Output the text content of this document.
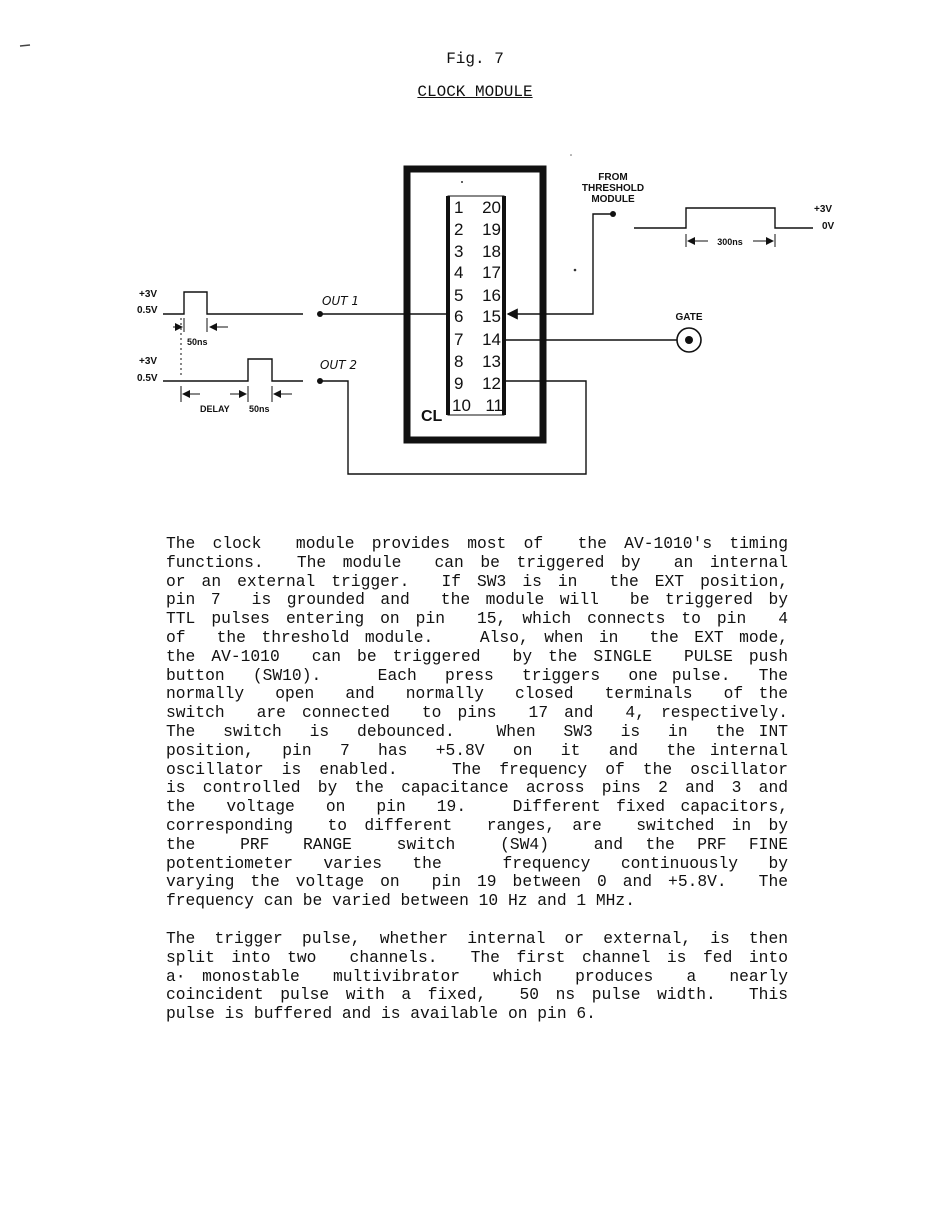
Fig. 7
CLOCK MODULE
1
2
3
4
5
6
7
8
9
10
20
19
18
17
16
15
14
13
12
11
CL
OUT 1
OUT 2
FROM
THRESHOLD
MODULE
GATE
300ns
+3V
0V
50ns
+3V
0.5V
DELAY 50ns
+3V
0.5V
The clock  module provides most of  the AV-1010's timing
functions.  The module  can be triggered by  an internal
or an external trigger.  If SW3 is in  the EXT position,
pin 7  is grounded and  the module will  be triggered by
TTL pulses entering on pin  15, which connects to pin  4
of  the threshold module.   Also, when in  the EXT mode,
the AV-1010  can be triggered  by the SINGLE  PULSE push
button  (SW10).    Each  press  triggers  one pulse.  The
normally  open  and  normally  closed  terminals  of the
switch  are connected  to pins  17 and  4, respectively.
The  switch  is  debounced.   When  SW3  is  in  the INT
position,  pin  7  has  +5.8V  on  it  and  the internal
oscillator is enabled.   The frequency of the oscillator
is controlled by the capacitance across pins 2 and 3 and
the  voltage  on  pin  19.   Different fixed capacitors,
corresponding  to different  ranges, are  switched in by
the    PRF   RANGE    switch    (SW4)    and  the  PRF  FINE
potentiometer  varies  the    frequency  continuously  by
varying the voltage on  pin 19 between 0 and +5.8V.  The
frequency can be varied between 10 Hz and 1 MHz.
The trigger pulse, whether internal or external, is then
split into two  channels.  The first channel is fed into
a· monostable  multivibrator  which  produces  a  nearly
coincident pulse with a fixed,  50 ns pulse width.  This
pulse is buffered and is available on pin 6.
